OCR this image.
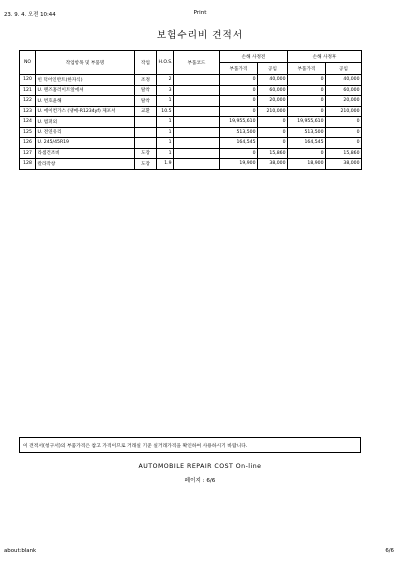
23. 9. 4. 오전 10:44	Print
보험수리비 견적서
NO	작업항목 및 부품명	작업	H.O.S.	부품코드	손해 사정전		손해 사정후	
					부품가격	공임	부품가격	공임
120	힌 덕어인반트(한자식)	조정	2		0	40,000	0	40,000
121	U. 랜즈홈러이트앞에셔	탈착	3		0	60,000	0	60,000
122	U. 번호윤해	탈착	1		0	20,000	0	20,000
123	U. 에이컨가스 (냉매-R1234yf) 제포서	교환	10.5		0	210,000	0	210,000
124	U. 범퍼외		1		19,955,610	0	19,955,610	0
125	U. 전연유리		1		513,500	0	513,500	0
126	U. 245/45R19		1		164,545	0	164,545	0
127	라셈건조비	도장	1		0	15,860	0	15,860
128	칼라작창	도장	1.9		19,900	38,000	18,900	38,000
이 견적서(청구서)의 부품가격은 참고 가격이므로 거래실 기준 실거래가격을 확인하여 사용하시기 바랍니다.
AUTOMOBILE REPAIR COST On-line
페이지 : 6/6
about:blank	6/6
